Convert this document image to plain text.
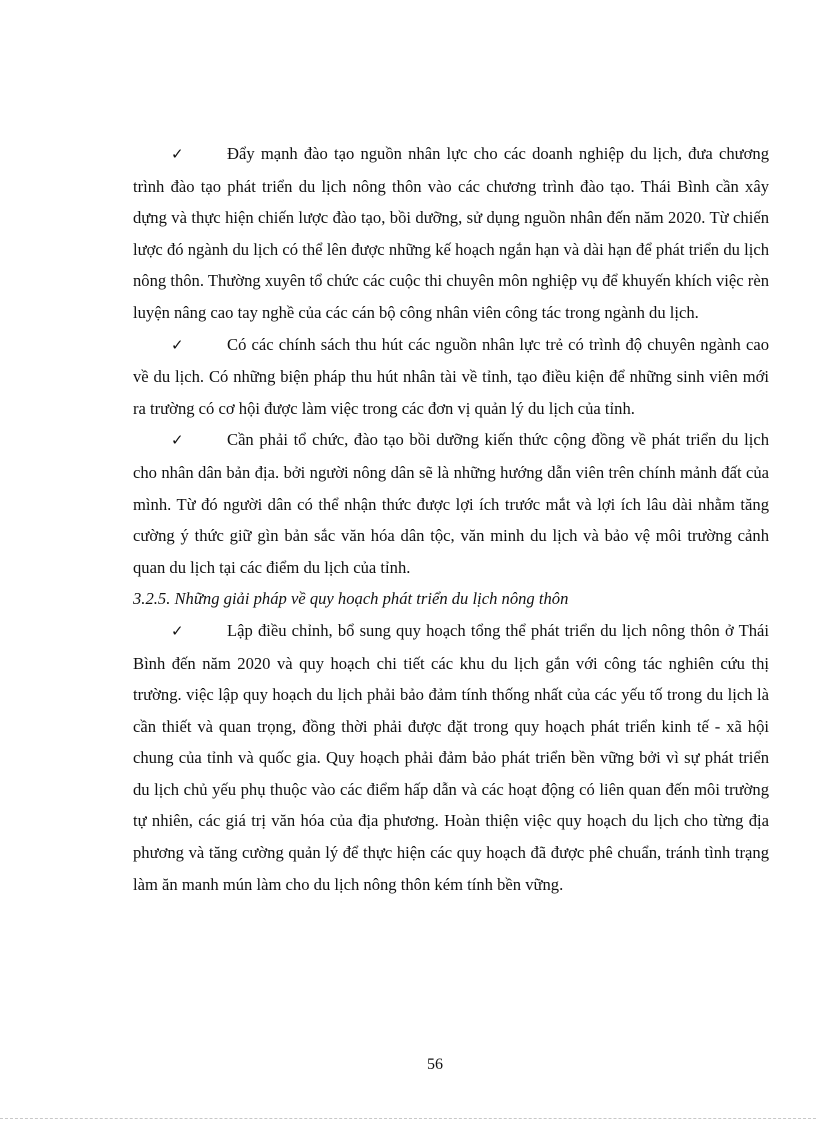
✓	Đẩy mạnh đào tạo nguồn nhân lực cho các doanh nghiệp du lịch, đưa chương trình đào tạo phát triển du lịch nông thôn vào các chương trình đào tạo. Thái Bình cần xây dựng và thực hiện chiến lược đào tạo, bồi dưỡng, sử dụng nguồn nhân đến năm 2020. Từ chiến lược đó ngành du lịch có thể lên được những kế hoạch ngắn hạn và dài hạn để phát triển du lịch nông thôn. Thường xuyên tổ chức các cuộc thi chuyên môn nghiệp vụ để khuyến khích việc rèn luyện nâng cao tay nghề của các cán bộ công nhân viên công tác trong ngành du lịch.

✓	Có các chính sách thu hút các nguồn nhân lực trẻ có trình độ chuyên ngành cao về du lịch. Có những biện pháp thu hút nhân tài về tỉnh, tạo điều kiện để những sinh viên mới ra trường có cơ hội được làm việc trong các đơn vị quản lý du lịch của tỉnh.

✓	Cần phải tổ chức, đào tạo bồi dưỡng kiến thức cộng đồng về phát triển du lịch cho nhân dân bản địa. bởi người nông dân sẽ là những hướng dẫn viên trên chính mảnh đất của mình. Từ đó người dân có thể nhận thức được lợi ích trước mắt và lợi ích lâu dài nhằm tăng cường ý thức giữ gìn bản sắc văn hóa dân tộc, văn minh du lịch và bảo vệ môi trường cảnh quan du lịch tại các điểm du lịch của tỉnh.

3.2.5. Những giải pháp về quy hoạch phát triển du lịch nông thôn

✓	Lập điều chỉnh, bổ sung quy hoạch tổng thể phát triển du lịch nông thôn ở Thái Bình đến năm 2020 và quy hoạch chi tiết các khu du lịch gắn với công tác nghiên cứu thị trường. việc lập quy hoạch du lịch phải bảo đảm tính thống nhất của các yếu tố trong du lịch là cần thiết và quan trọng, đồng thời phải được đặt trong quy hoạch phát triển kinh tế - xã hội chung của tỉnh và quốc gia. Quy hoạch phải đảm bảo phát triển bền vững bởi vì sự phát triển du lịch chủ yếu phụ thuộc vào các điểm hấp dẫn và các hoạt động có liên quan đến môi trường tự nhiên, các giá trị văn hóa của địa phương. Hoàn thiện việc quy hoạch du lịch cho từng địa phương và tăng cường quản lý để thực hiện các quy hoạch đã được phê chuẩn, tránh tình trạng làm ăn manh mún làm cho du lịch nông thôn kém tính bền vững.

56
